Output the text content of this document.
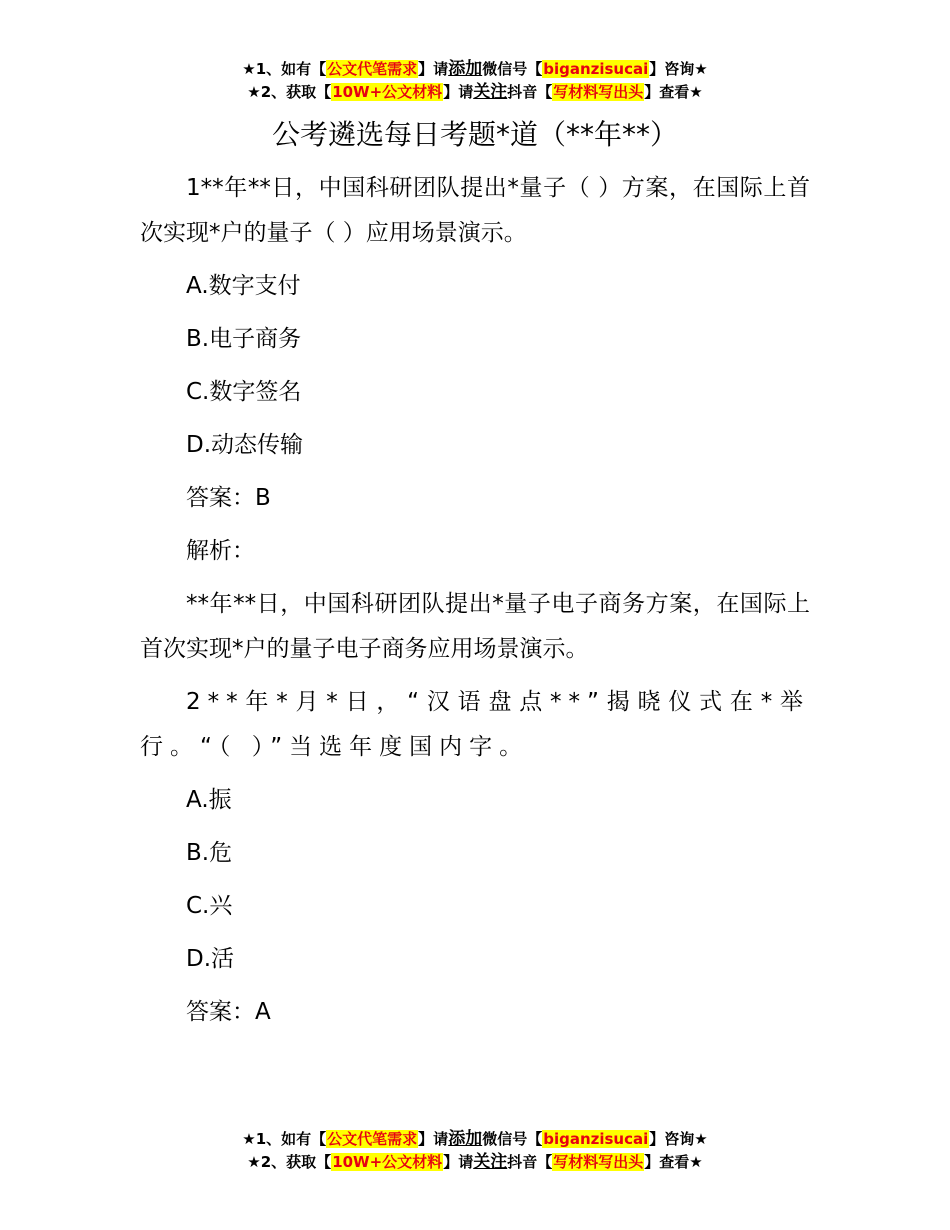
★1、如有【公文代笔需求】请添加微信号【biganzisucai】咨询★
★2、获取【10W+公文材料】请关注抖音【写材料写出头】查看★
公考遴选每日考题*道（**年**）

1**年**日，中国科研团队提出*量子（ ）方案，在国际上首次实现*户的量子（ ）应用场景演示。

A.数字支付

B.电子商务

C.数字签名

D.动态传输

答案：B

解析：

**年**日，中国科研团队提出*量子电子商务方案，在国际上首次实现*户的量子电子商务应用场景演示。

2**年*月*日，“汉语盘点**”揭晓仪式在*举行。“（ ）”当选年度国内字。

A.振

B.危

C.兴

D.活

答案：A

★1、如有【公文代笔需求】请添加微信号【biganzisucai】咨询★
★2、获取【10W+公文材料】请关注抖音【写材料写出头】查看★
